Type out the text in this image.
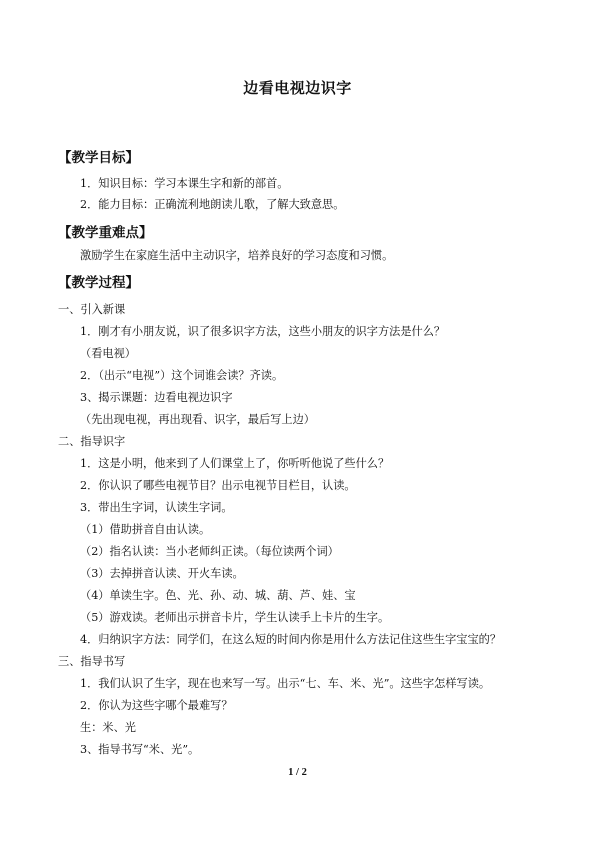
边看电视边识字
【教学目标】
1．知识目标：学习本课生字和新的部首。
2．能力目标：正确流利地朗读儿歌，了解大致意思。
【教学重难点】
激励学生在家庭生活中主动识字，培养良好的学习态度和习惯。
【教学过程】
一、引入新课
1．刚才有小朋友说，识了很多识字方法，这些小朋友的识字方法是什么？
（看电视）
2．（出示“电视”）这个词谁会读？齐读。
3、揭示课题：边看电视边识字
（先出现电视，再出现看、识字，最后写上边）
二、指导识字
1．这是小明，他来到了人们课堂上了，你听听他说了些什么？
2．你认识了哪些电视节目？出示电视节目栏目，认读。
3．带出生字词，认读生字词。
（1）借助拼音自由认读。
（2）指名认读：当小老师纠正读。（每位读两个词）
（3）去掉拼音认读、开火车读。
（4）单读生字。色、光、孙、动、城、葫、芦、娃、宝
（5）游戏读。老师出示拼音卡片，学生认读手上卡片的生字。
4．归纳识字方法：同学们，在这么短的时间内你是用什么方法记住这些生字宝宝的？
三、指导书写
1．我们认识了生字，现在也来写一写。出示“七、车、米、光”。这些字怎样写读。
2．你认为这些字哪个最难写？
生：米、光
3、指导书写“米、光”。
1 / 2
